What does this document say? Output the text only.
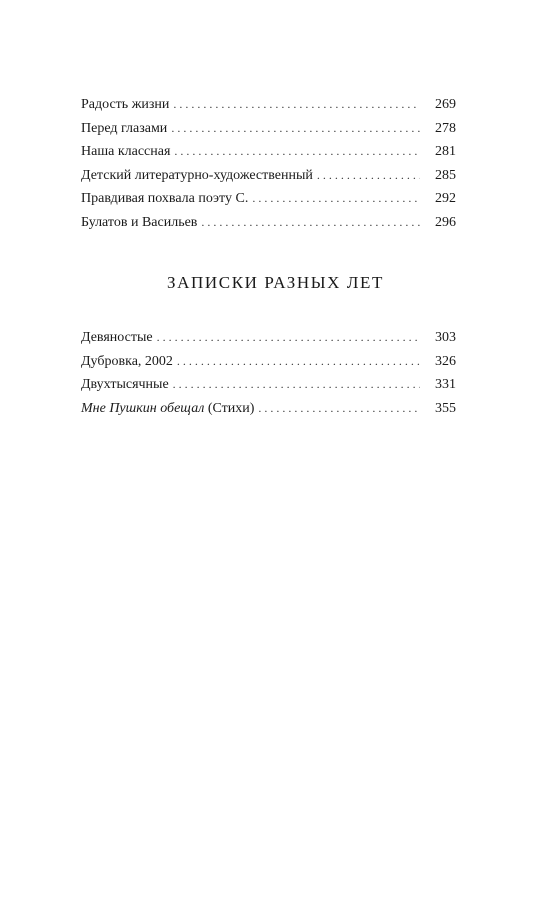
Радость жизни . . .	269
Перед глазами . . .	278
Наша классная . . .	281
Детский литературно-художественный . . .	285
Правдивая похвала поэту С. . . .	292
Булатов и Васильев . . .	296
ЗАПИСКИ РАЗНЫХ ЛЕТ
Девяностые . . .	303
Дубровка, 2002 . . .	326
Двухтысячные . . .	331
Мне Пушкин обещал (Стихи) . . .	355
